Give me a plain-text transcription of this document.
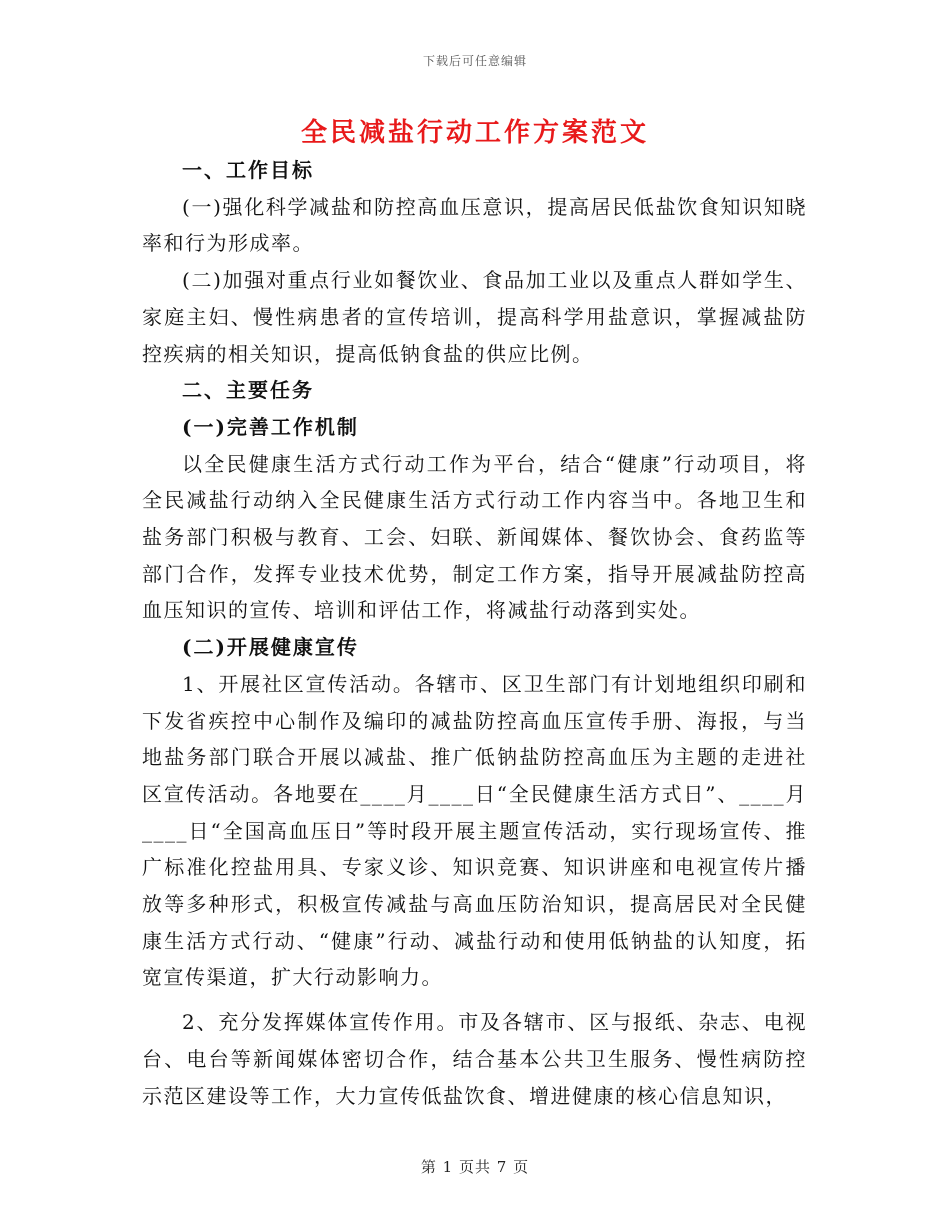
下载后可任意编辑
全民减盐行动工作方案范文

一、工作目标

(一)强化科学减盐和防控高血压意识，提高居民低盐饮食知识知晓率和行为形成率。

(二)加强对重点行业如餐饮业、食品加工业以及重点人群如学生、家庭主妇、慢性病患者的宣传培训，提高科学用盐意识，掌握减盐防控疾病的相关知识，提高低钠食盐的供应比例。

二、主要任务

(一)完善工作机制

以全民健康生活方式行动工作为平台，结合“健康”行动项目，将全民减盐行动纳入全民健康生活方式行动工作内容当中。各地卫生和盐务部门积极与教育、工会、妇联、新闻媒体、餐饮协会、食药监等部门合作，发挥专业技术优势，制定工作方案，指导开展减盐防控高血压知识的宣传、培训和评估工作，将减盐行动落到实处。

(二)开展健康宣传

1、开展社区宣传活动。各辖市、区卫生部门有计划地组织印刷和下发省疾控中心制作及编印的减盐防控高血压宣传手册、海报，与当地盐务部门联合开展以减盐、推广低钠盐防控高血压为主题的走进社区宣传活动。各地要在____月____日“全民健康生活方式日”、____月____日“全国高血压日”等时段开展主题宣传活动，实行现场宣传、推广标准化控盐用具、专家义诊、知识竞赛、知识讲座和电视宣传片播放等多种形式，积极宣传减盐与高血压防治知识，提高居民对全民健康生活方式行动、“健康”行动、减盐行动和使用低钠盐的认知度，拓宽宣传渠道，扩大行动影响力。

2、充分发挥媒体宣传作用。市及各辖市、区与报纸、杂志、电视台、电台等新闻媒体密切合作，结合基本公共卫生服务、慢性病防控示范区建设等工作，大力宣传低盐饮食、增进健康的核心信息知识，

第 1 页共 7 页
